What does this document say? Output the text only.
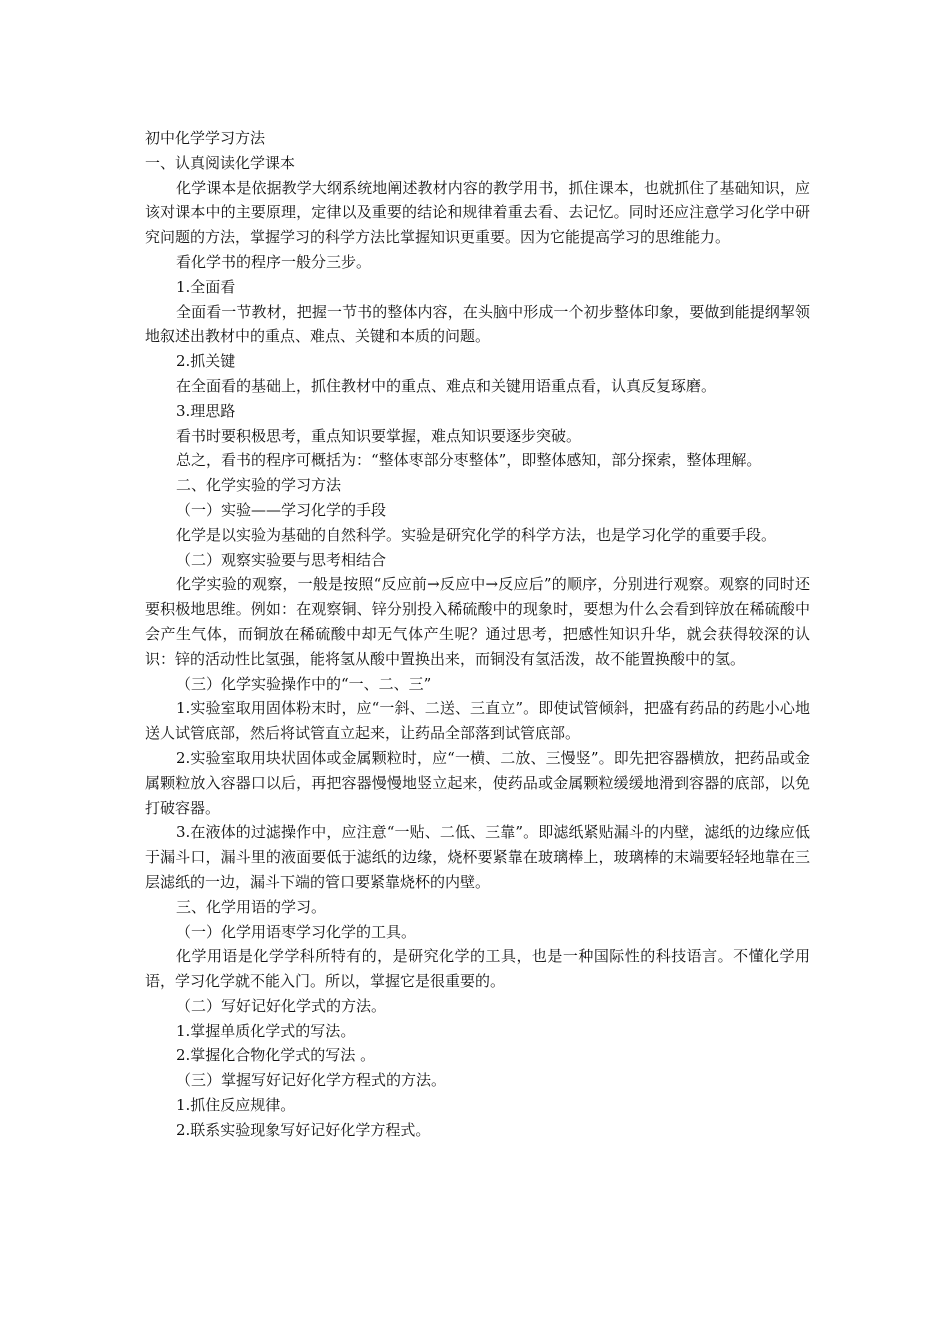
初中化学学习方法

一、认真阅读化学课本

化学课本是依据教学大纲系统地阐述教材内容的教学用书，抓住课本，也就抓住了基础知识，应该对课本中的主要原理，定律以及重要的结论和规律着重去看、去记忆。同时还应注意学习化学中研究问题的方法，掌握学习的科学方法比掌握知识更重要。因为它能提高学习的思维能力。

看化学书的程序一般分三步。

1.全面看

全面看一节教材，把握一节书的整体内容，在头脑中形成一个初步整体印象，要做到能提纲挈领地叙述出教材中的重点、难点、关键和本质的问题。

2.抓关键

在全面看的基础上，抓住教材中的重点、难点和关键用语重点看，认真反复琢磨。

3.理思路

看书时要积极思考，重点知识要掌握，难点知识要逐步突破。

总之，看书的程序可概括为：“整体枣部分枣整体”，即整体感知，部分探索，整体理解。

二、化学实验的学习方法

（一）实验——学习化学的手段

化学是以实验为基础的自然科学。实验是研究化学的科学方法，也是学习化学的重要手段。

（二）观察实验要与思考相结合

化学实验的观察，一般是按照“反应前→反应中→反应后”的顺序，分别进行观察。观察的同时还要积极地思维。例如：在观察铜、锌分别投入稀硫酸中的现象时，要想为什么会看到锌放在稀硫酸中会产生气体，而铜放在稀硫酸中却无气体产生呢？通过思考，把感性知识升华，就会获得较深的认识：锌的活动性比氢强，能将氢从酸中置换出来，而铜没有氢活泼，故不能置换酸中的氢。

（三）化学实验操作中的“一、二、三”

1.实验室取用固体粉末时，应“一斜、二送、三直立”。即使试管倾斜，把盛有药品的药匙小心地送人试管底部，然后将试管直立起来，让药品全部落到试管底部。

2.实验室取用块状固体或金属颗粒时，应“一横、二放、三慢竖”。即先把容器横放，把药品或金属颗粒放入容器口以后，再把容器慢慢地竖立起来，使药品或金属颗粒缓缓地滑到容器的底部，以免打破容器。

3.在液体的过滤操作中，应注意“一贴、二低、三靠”。即滤纸紧贴漏斗的内壁，滤纸的边缘应低于漏斗口，漏斗里的液面要低于滤纸的边缘，烧杯要紧靠在玻璃棒上，玻璃棒的末端要轻轻地靠在三层滤纸的一边，漏斗下端的管口要紧靠烧杯的内壁。

三、化学用语的学习。

（一）化学用语枣学习化学的工具。

化学用语是化学学科所特有的，是研究化学的工具，也是一种国际性的科技语言。不懂化学用语，学习化学就不能入门。所以，掌握它是很重要的。

（二）写好记好化学式的方法。

1.掌握单质化学式的写法。

2.掌握化合物化学式的写法 。

（三）掌握写好记好化学方程式的方法。

1.抓住反应规律。

2.联系实验现象写好记好化学方程式。
